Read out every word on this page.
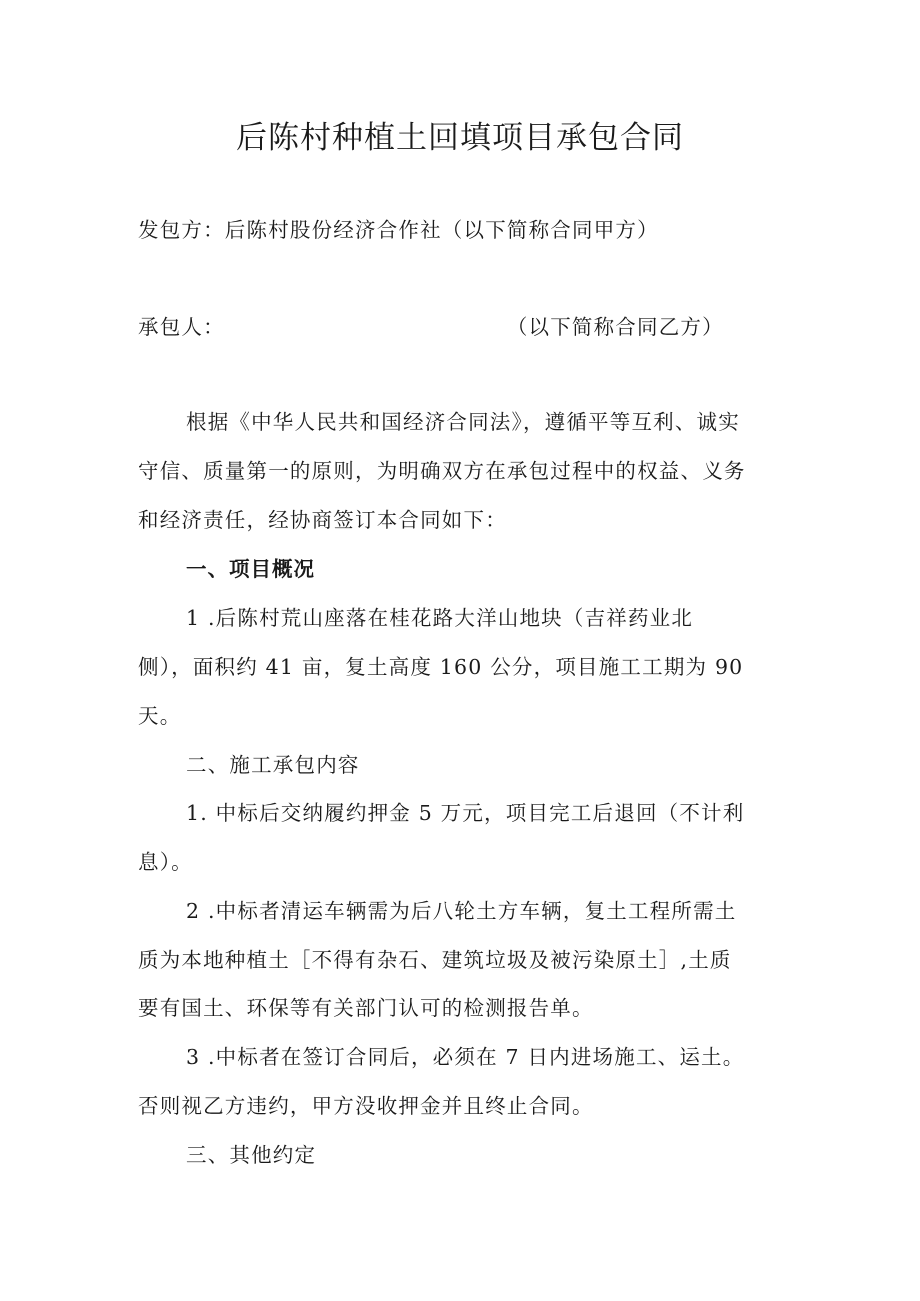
后陈村种植土回填项目承包合同
发包方：后陈村股份经济合作社（以下简称合同甲方）
承包人：	（以下简称合同乙方）
根据《中华人民共和国经济合同法》，遵循平等互利、诚实
守信、质量第一的原则，为明确双方在承包过程中的权益、义务
和经济责任，经协商签订本合同如下：
一、项目概况
1 .后陈村荒山座落在桂花路大洋山地块（吉祥药业北
侧），面积约 41 亩，复土高度 160 公分，项目施工工期为 90
天。
二、施工承包内容
1. 中标后交纳履约押金 5 万元，项目完工后退回（不计利
息）。
2 .中标者清运车辆需为后八轮土方车辆，复土工程所需土
质为本地种植土［不得有杂石、建筑垃圾及被污染原土］,土质
要有国土、环保等有关部门认可的检测报告单。
3 .中标者在签订合同后，必须在 7 日内进场施工、运土。
否则视乙方违约，甲方没收押金并且终止合同。
三、其他约定
